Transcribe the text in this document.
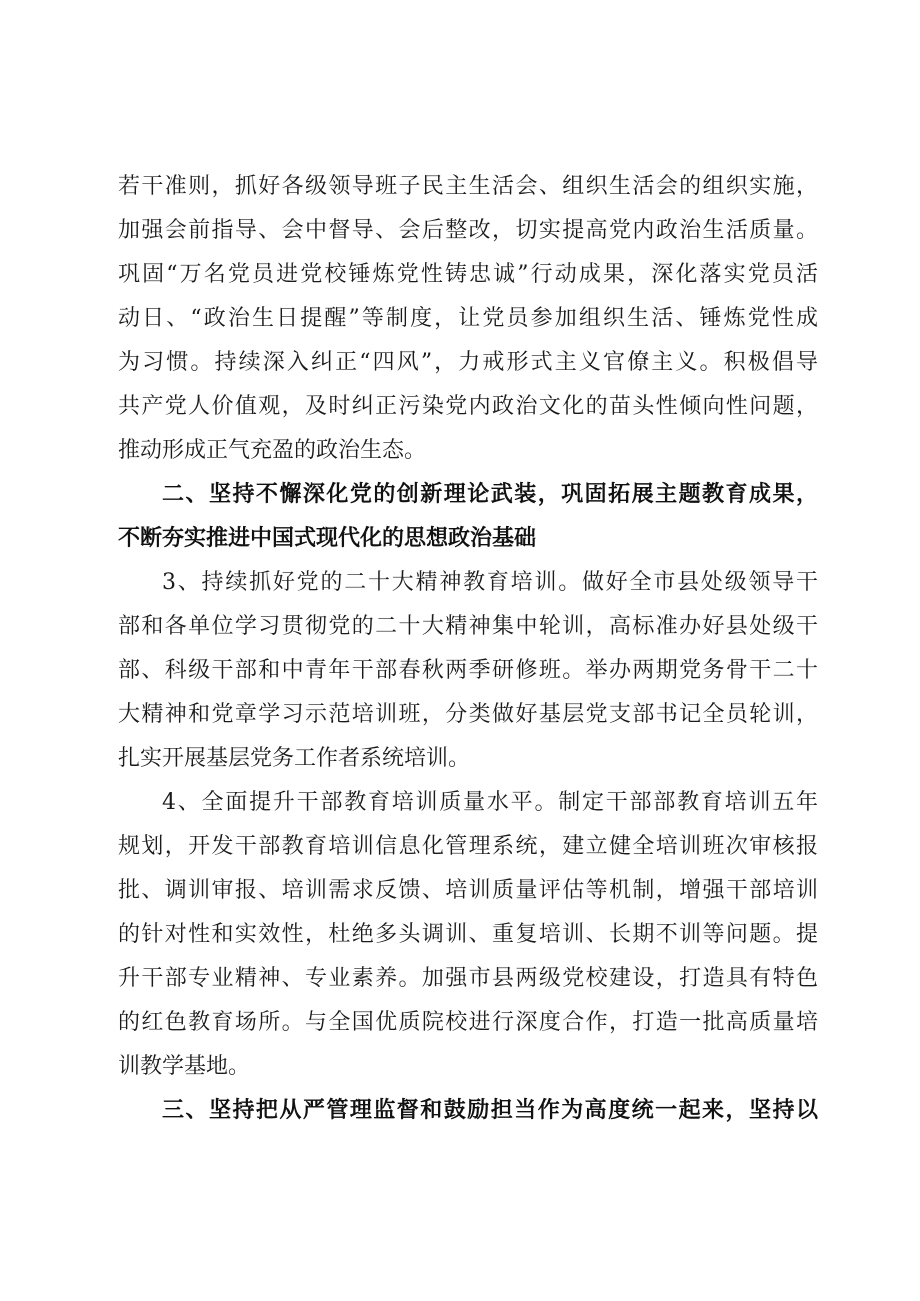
若干准则，抓好各级领导班子民主生活会、组织生活会的组织实施，
加强会前指导、会中督导、会后整改，切实提高党内政治生活质量。
巩固“万名党员进党校锤炼党性铸忠诚”行动成果，深化落实党员活
动日、“政治生日提醒”等制度，让党员参加组织生活、锤炼党性成
为习惯。持续深入纠正“四风”，力戒形式主义官僚主义。积极倡导
共产党人价值观，及时纠正污染党内政治文化的苗头性倾向性问题，
推动形成正气充盈的政治生态。
二、坚持不懈深化党的创新理论武装，巩固拓展主题教育成果，
不断夯实推进中国式现代化的思想政治基础
3、持续抓好党的二十大精神教育培训。做好全市县处级领导干
部和各单位学习贯彻党的二十大精神集中轮训，高标准办好县处级干
部、科级干部和中青年干部春秋两季研修班。举办两期党务骨干二十
大精神和党章学习示范培训班，分类做好基层党支部书记全员轮训，
扎实开展基层党务工作者系统培训。
4、全面提升干部教育培训质量水平。制定干部部教育培训五年
规划，开发干部教育培训信息化管理系统，建立健全培训班次审核报
批、调训审报、培训需求反馈、培训质量评估等机制，增强干部培训
的针对性和实效性，杜绝多头调训、重复培训、长期不训等问题。提
升干部专业精神、专业素养。加强市县两级党校建设，打造具有特色
的红色教育场所。与全国优质院校进行深度合作，打造一批高质量培
训教学基地。
三、坚持把从严管理监督和鼓励担当作为高度统一起来，坚持以
